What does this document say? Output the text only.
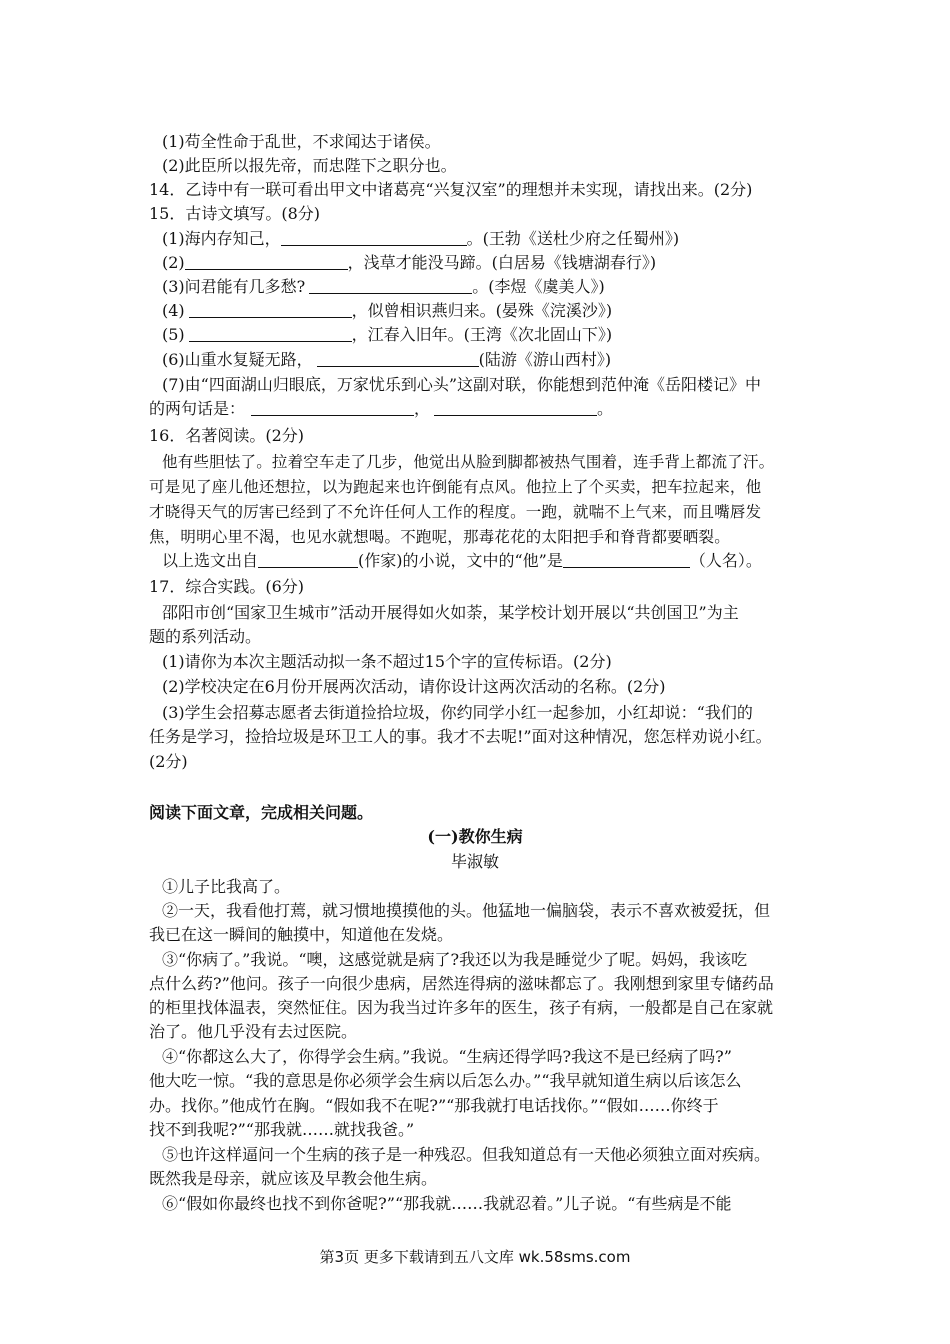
(1)苟全性命于乱世，不求闻达于诸侯。
(2)此臣所以报先帝，而忠陛下之职分也。
14．乙诗中有一联可看出甲文中诸葛亮“兴复汉室”的理想并未实现，请找出来。(2分)
15．古诗文填写。(8分)
(1)海内存知己，	。(王勃《送杜少府之任蜀州》)
(2)	，浅草才能没马蹄。(白居易《钱塘湖春行》)
(3)问君能有几多愁?	。(李煜《虞美人》)
(4)	，似曾相识燕归来。(晏殊《浣溪沙》)
(5)	，江春入旧年。(王湾《次北固山下》)
(6)山重水复疑无路，	(陆游《游山西村》)
(7)由“四面湖山归眼底，万家忧乐到心头”这副对联，你能想到范仲淹《岳阳楼记》中
的两句话是：	，	。
16．名著阅读。(2分)
他有些胆怯了。拉着空车走了几步，他觉出从脸到脚都被热气围着，连手背上都流了汗。
可是见了座儿他还想拉，以为跑起来也许倒能有点风。他拉上了个买卖，把车拉起来，他
才晓得天气的厉害已经到了不允许任何人工作的程度。一跑，就喘不上气来，而且嘴唇发
焦，明明心里不渴，也见水就想喝。不跑呢，那毒花花的太阳把手和脊背都要晒裂。
以上选文出自	(作家)的小说，文中的“他”是	（人名）。
17．综合实践。(6分)
邵阳市创“国家卫生城市”活动开展得如火如荼，某学校计划开展以“共创国卫”为主
题的系列活动。
(1)请你为本次主题活动拟一条不超过15个字的宣传标语。(2分)
(2)学校决定在6月份开展两次活动，请你设计这两次活动的名称。(2分)
(3)学生会招募志愿者去街道捡拾垃圾，你约同学小红一起参加，小红却说：“我们的
任务是学习，捡拾垃圾是环卫工人的事。我才不去呢!”面对这种情况，您怎样劝说小红。
(2分)
阅读下面文章，完成相关问题。
(一)教你生病
毕淑敏
①儿子比我高了。
②一天，我看他打蔫，就习惯地摸摸他的头。他猛地一偏脑袋，表示不喜欢被爱抚，但
我已在这一瞬间的触摸中，知道他在发烧。
③“你病了。”我说。“噢，这感觉就是病了?我还以为我是睡觉少了呢。妈妈，我该吃
点什么药?”他问。孩子一向很少患病，居然连得病的滋味都忘了。我刚想到家里专储药品
的柜里找体温表，突然怔住。因为我当过许多年的医生，孩子有病，一般都是自己在家就
治了。他几乎没有去过医院。
④“你都这么大了，你得学会生病。”我说。“生病还得学吗?我这不是已经病了吗?”
他大吃一惊。“我的意思是你必须学会生病以后怎么办。”“我早就知道生病以后该怎么
办。找你。”他成竹在胸。“假如我不在呢?”“那我就打电话找你。”“假如……你终于
找不到我呢?”“那我就……就找我爸。”
⑤也许这样逼问一个生病的孩子是一种残忍。但我知道总有一天他必须独立面对疾病。
既然我是母亲，就应该及早教会他生病。
⑥“假如你最终也找不到你爸呢?”“那我就……我就忍着。”儿子说。“有些病是不能
第3页 更多下载请到五八文库 wk.58sms.com
